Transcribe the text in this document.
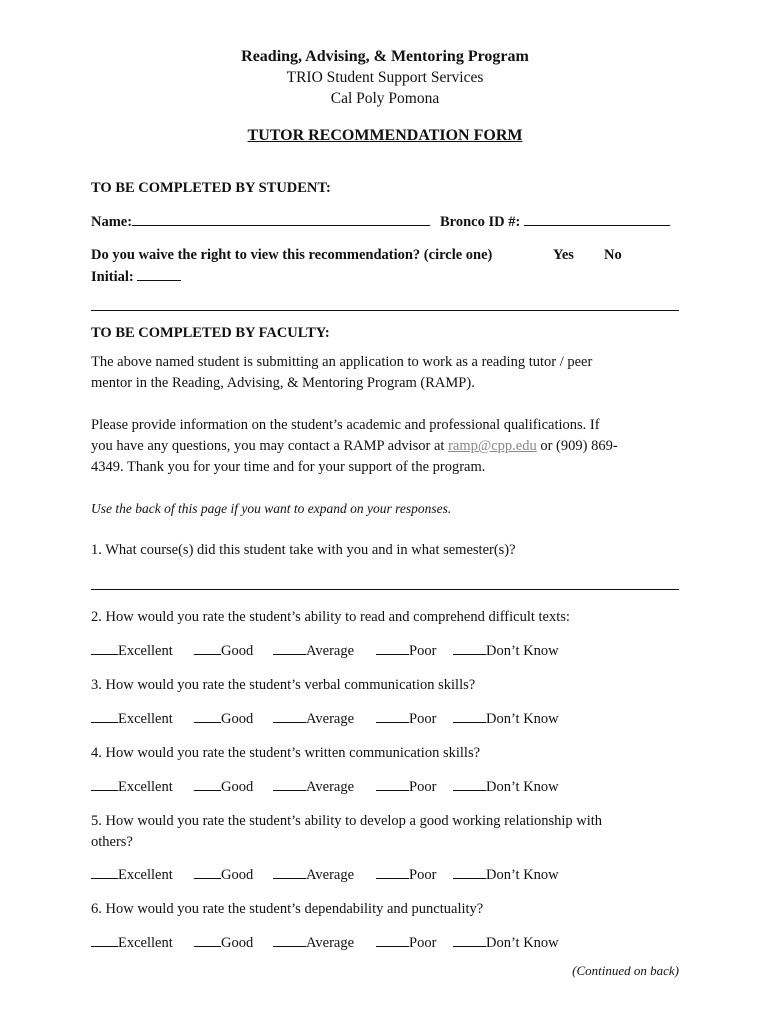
Reading, Advising, & Mentoring Program
TRIO Student Support Services
Cal Poly Pomona
TUTOR RECOMMENDATION FORM
TO BE COMPLETED BY STUDENT:
Name:	Bronco ID #:
Do you waive the right to view this recommendation? (circle one)	Yes No
Initial:
TO BE COMPLETED BY FACULTY:
The above named student is submitting an application to work as a reading tutor / peer
mentor in the Reading, Advising, & Mentoring Program (RAMP).
Please provide information on the student’s academic and professional qualifications. If
you have any questions, you may contact a RAMP advisor at ramp@cpp.edu or (909) 869-
4349. Thank you for your time and for your support of the program.
Use the back of this page if you want to expand on your responses.
1. What course(s) did this student take with you and in what semester(s)?
2. How would you rate the student’s ability to read and comprehend difficult texts:
Excellent	Good	Average	Poor	Don’t Know
3. How would you rate the student’s verbal communication skills?
Excellent	Good	Average	Poor	Don’t Know
4. How would you rate the student’s written communication skills?
Excellent	Good	Average	Poor	Don’t Know
5. How would you rate the student’s ability to develop a good working relationship with
others?
Excellent	Good	Average	Poor	Don’t Know
6. How would you rate the student’s dependability and punctuality?
Excellent	Good	Average	Poor	Don’t Know
(Continued on back)
